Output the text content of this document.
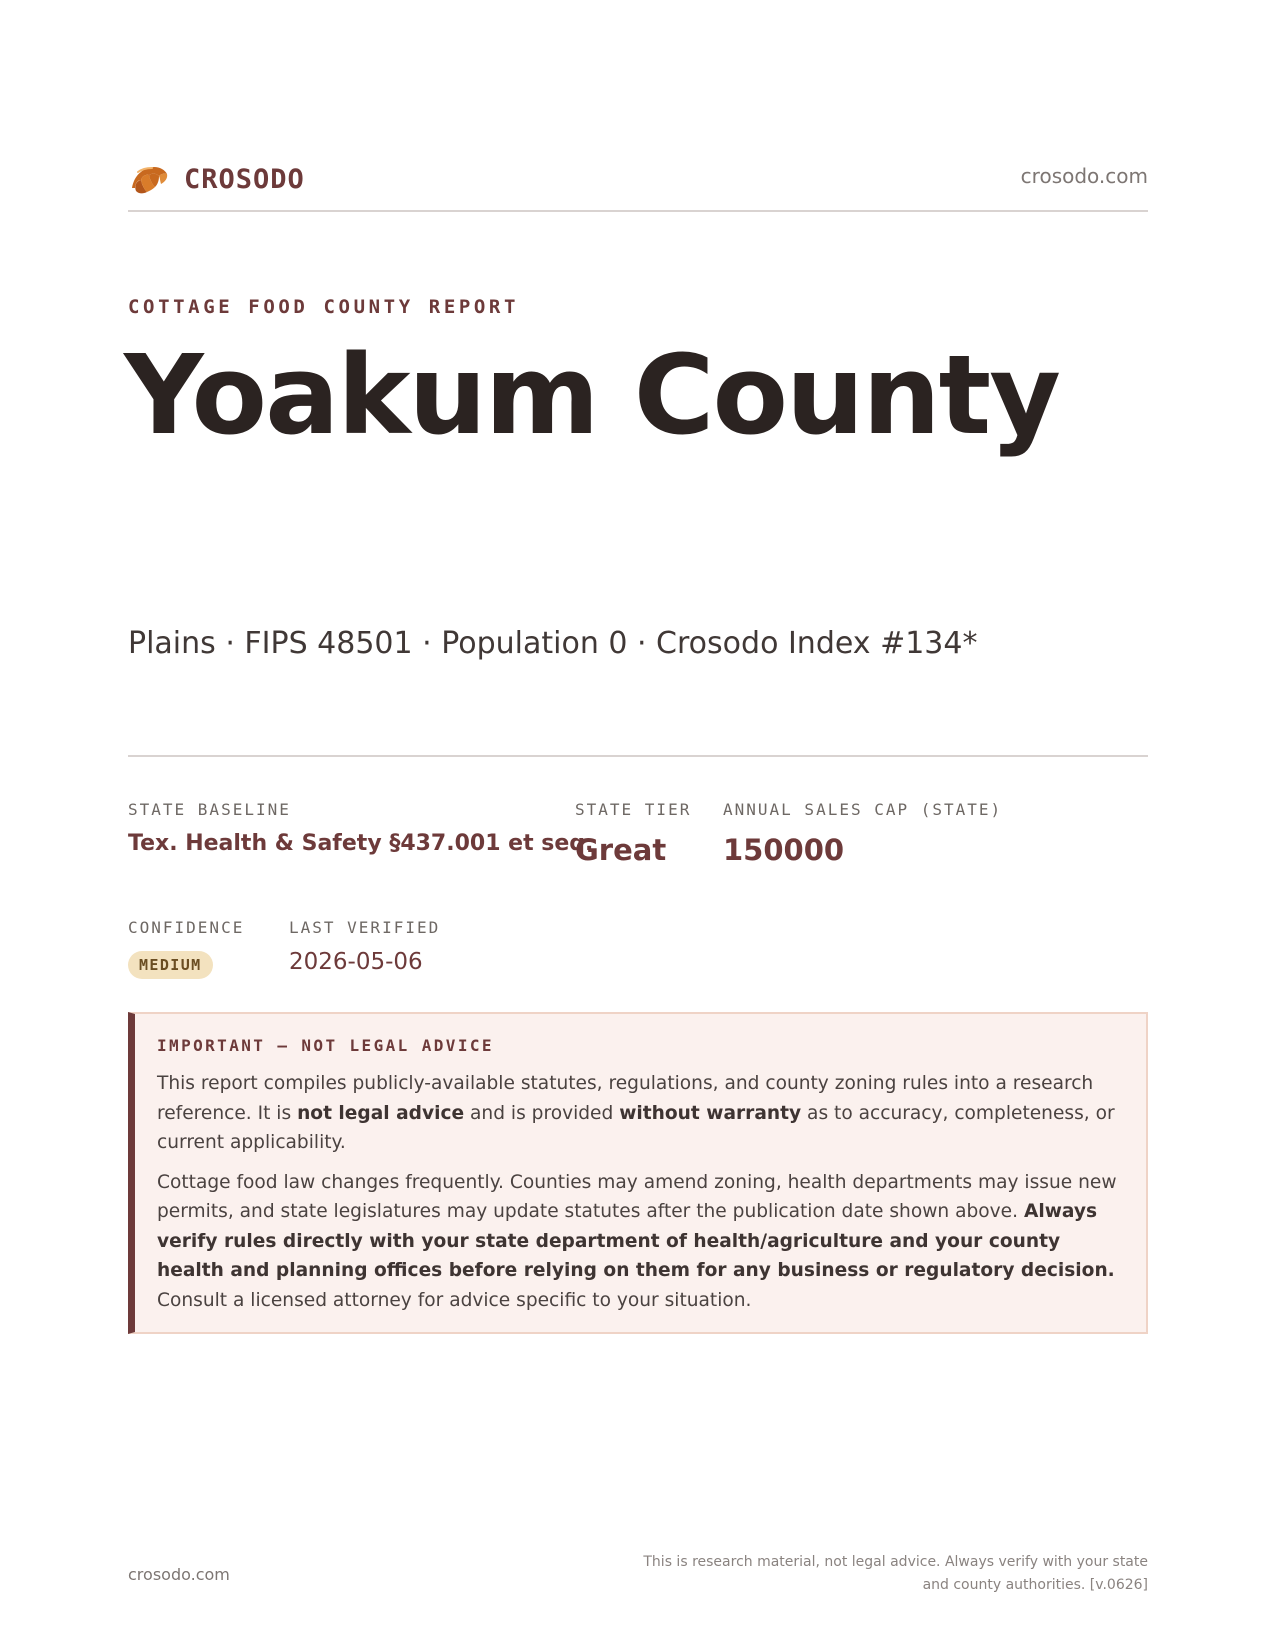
CROSODO	crosodo.com
COTTAGE FOOD COUNTY REPORT
Yoakum County
Plains · FIPS 48501 · Population 0 · Crosodo Index #134*
STATE BASELINE
Tex. Health & Safety §437.001 et seq.
STATE TIER
Great
ANNUAL SALES CAP (STATE)
150000
CONFIDENCE
MEDIUM
LAST VERIFIED
2026-05-06
IMPORTANT — NOT LEGAL ADVICE

This report compiles publicly-available statutes, regulations, and county zoning rules into a research reference. It is not legal advice and is provided without warranty as to accuracy, completeness, or current applicability.

Cottage food law changes frequently. Counties may amend zoning, health departments may issue new permits, and state legislatures may update statutes after the publication date shown above. Always verify rules directly with your state department of health/agriculture and your county health and planning offices before relying on them for any business or regulatory decision. Consult a licensed attorney for advice specific to your situation.

crosodo.com
This is research material, not legal advice. Always verify with your state
and county authorities. [v.0626]
